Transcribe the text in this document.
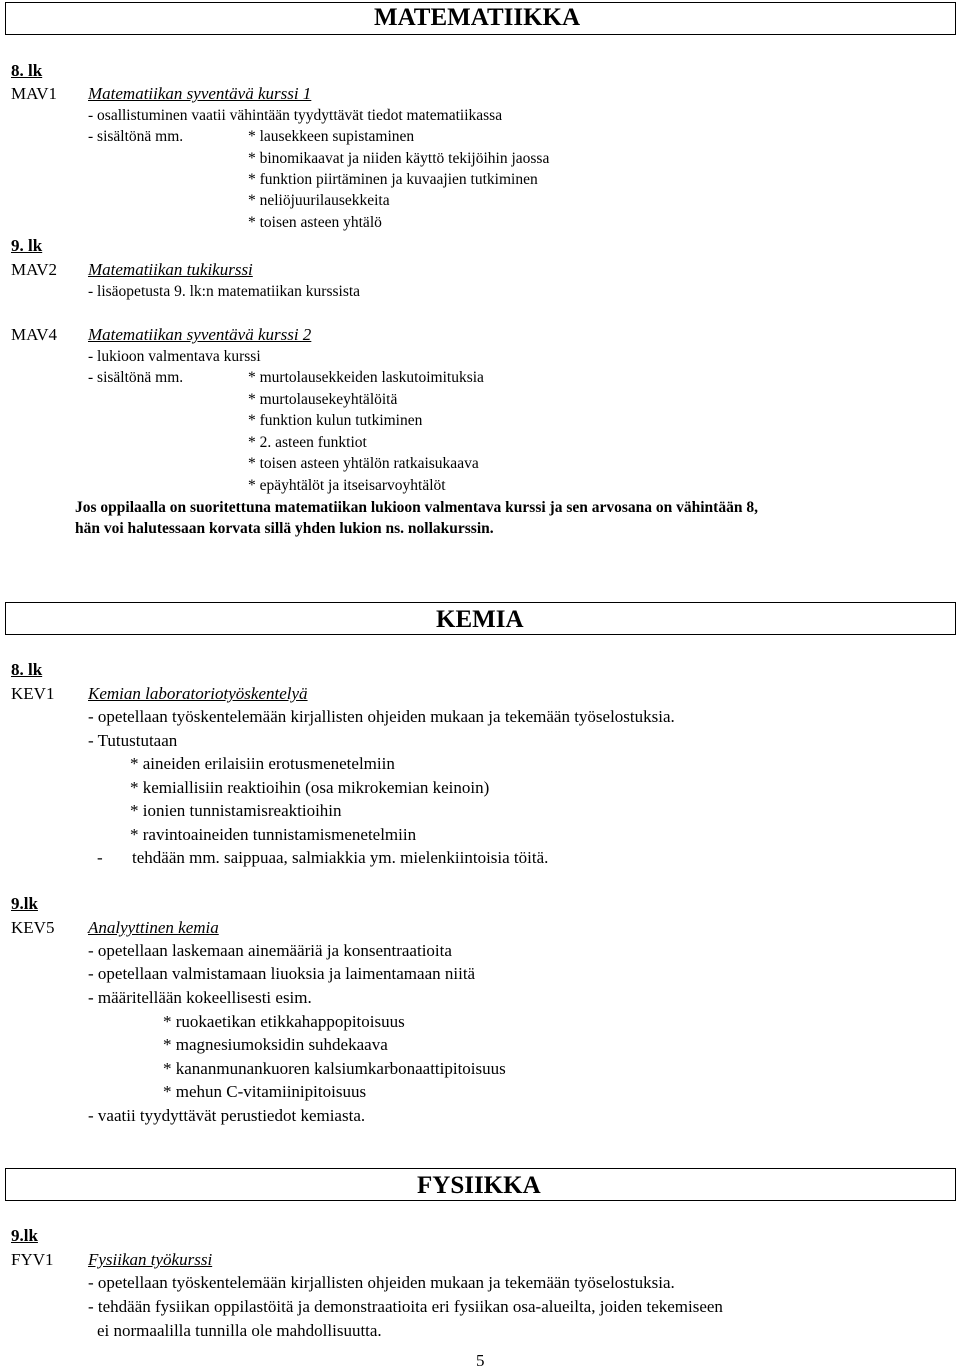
MATEMATIIKKA
8. lk
MAV1 Matematiikan syventävä kurssi 1
- osallistuminen vaatii vähintään tyydyttävät tiedot matematiikassa
- sisältönä mm.	* lausekkeen supistaminen
* binomikaavat ja niiden käyttö tekijöihin jaossa
* funktion piirtäminen ja kuvaajien tutkiminen
* neliöjuurilausekkeita
* toisen asteen yhtälö
9. lk
MAV2 Matematiikan tukikurssi
- lisäopetusta 9. lk:n matematiikan kurssista
MAV4 Matematiikan syventävä kurssi 2
- lukioon valmentava kurssi
- sisältönä mm.	* murtolausekkeiden laskutoimituksia
* murtolausekeyhtälöitä
* funktion kulun tutkiminen
* 2. asteen funktiot
* toisen asteen yhtälön ratkaisukaava
* epäyhtälöt ja itseisarvoyhtälöt
Jos oppilaalla on suoritettuna matematiikan lukioon valmentava kurssi ja sen arvosana on vähintään 8,
hän voi halutessaan korvata sillä yhden lukion ns. nollakurssin.
KEMIA
8. lk
KEV1 Kemian laboratoriotyöskentelyä
- opetellaan työskentelemään kirjallisten ohjeiden mukaan ja tekemään työselostuksia.
- Tutustutaan
* aineiden erilaisiin erotusmenetelmiin
* kemiallisiin reaktioihin (osa mikrokemian keinoin)
* ionien tunnistamisreaktioihin
* ravintoaineiden tunnistamismenetelmiin
- tehdään mm. saippuaa, salmiakkia ym. mielenkiintoisia töitä.
9.lk
KEV5 Analyyttinen kemia
- opetellaan laskemaan ainemääriä ja konsentraatioita
- opetellaan valmistamaan liuoksia ja laimentamaan niitä
- määritellään kokeellisesti esim.
* ruokaetikan etikkahappopitoisuus
* magnesiumoksidin suhdekaava
* kananmunankuoren kalsiumkarbonaattipitoisuus
* mehun C-vitamiinipitoisuus
- vaatii tyydyttävät perustiedot kemiasta.
FYSIIKKA
9.lk
FYV1 Fysiikan työkurssi
- opetellaan työskentelemään kirjallisten ohjeiden mukaan ja tekemään työselostuksia.
- tehdään fysiikan oppilastöitä ja demonstraatioita eri fysiikan osa-alueilta, joiden tekemiseen
ei normaalilla tunnilla ole mahdollisuutta.
5
